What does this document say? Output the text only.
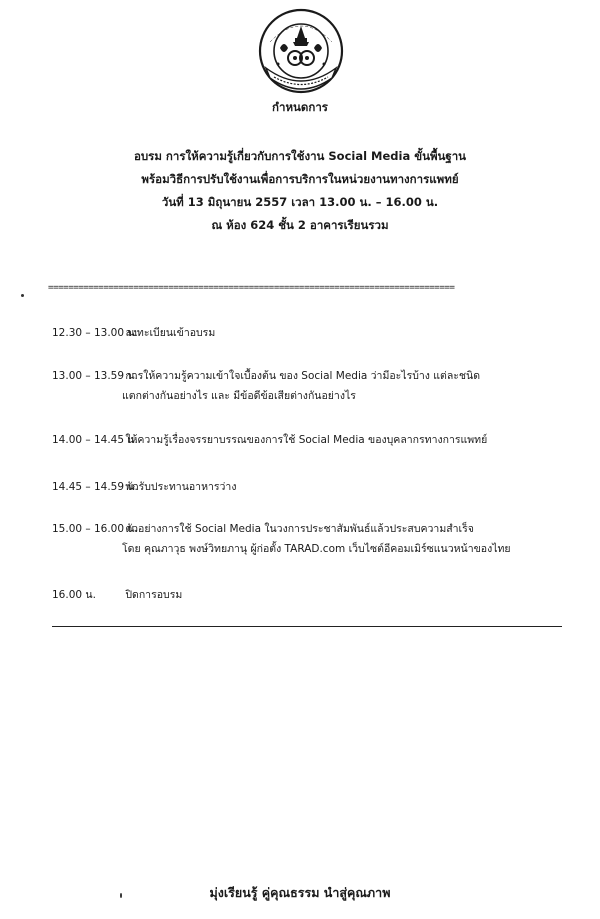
กำหนดการ
อบรม การให้ความรู้เกี่ยวกับการใช้งาน Social Media ขั้นพื้นฐาน
พร้อมวิธีการปรับใช้งานเพื่อการบริการในหน่วยงานทางการแพทย์
วันที่ 13 มิถุนายน 2557 เวลา 13.00 น. – 16.00 น.
ณ ห้อง 624 ชั้น 2 อาคารเรียนรวม
=================================================================================
12.30 – 13.00 น. ลงทะเบียนเข้าอบรม
13.00 – 13.59 น. การให้ความรู้ความเข้าใจเบื้องต้น ของ Social Media ว่ามีอะไรบ้าง แต่ละชนิด
แตกต่างกันอย่างไร และ มีข้อดีข้อเสียต่างกันอย่างไร
14.00 – 14.45 น. ให้ความรู้เรื่องจรรยาบรรณของการใช้ Social Media ของบุคลากรทางการแพทย์
14.45 – 14.59 น. พักรับประทานอาหารว่าง
15.00 – 16.00 น. ตัวอย่างการใช้ Social Media ในวงการประชาสัมพันธ์แล้วประสบความสำเร็จ
โดย คุณภาวุธ พงษ์วิทยภานุ ผู้ก่อตั้ง TARAD.com เว็บไซต์อีคอมเมิร์ซแนวหน้าของไทย
16.00 น.	ปิดการอบรม
มุ่งเรียนรู้ คู่คุณธรรม นำสู่คุณภาพ
